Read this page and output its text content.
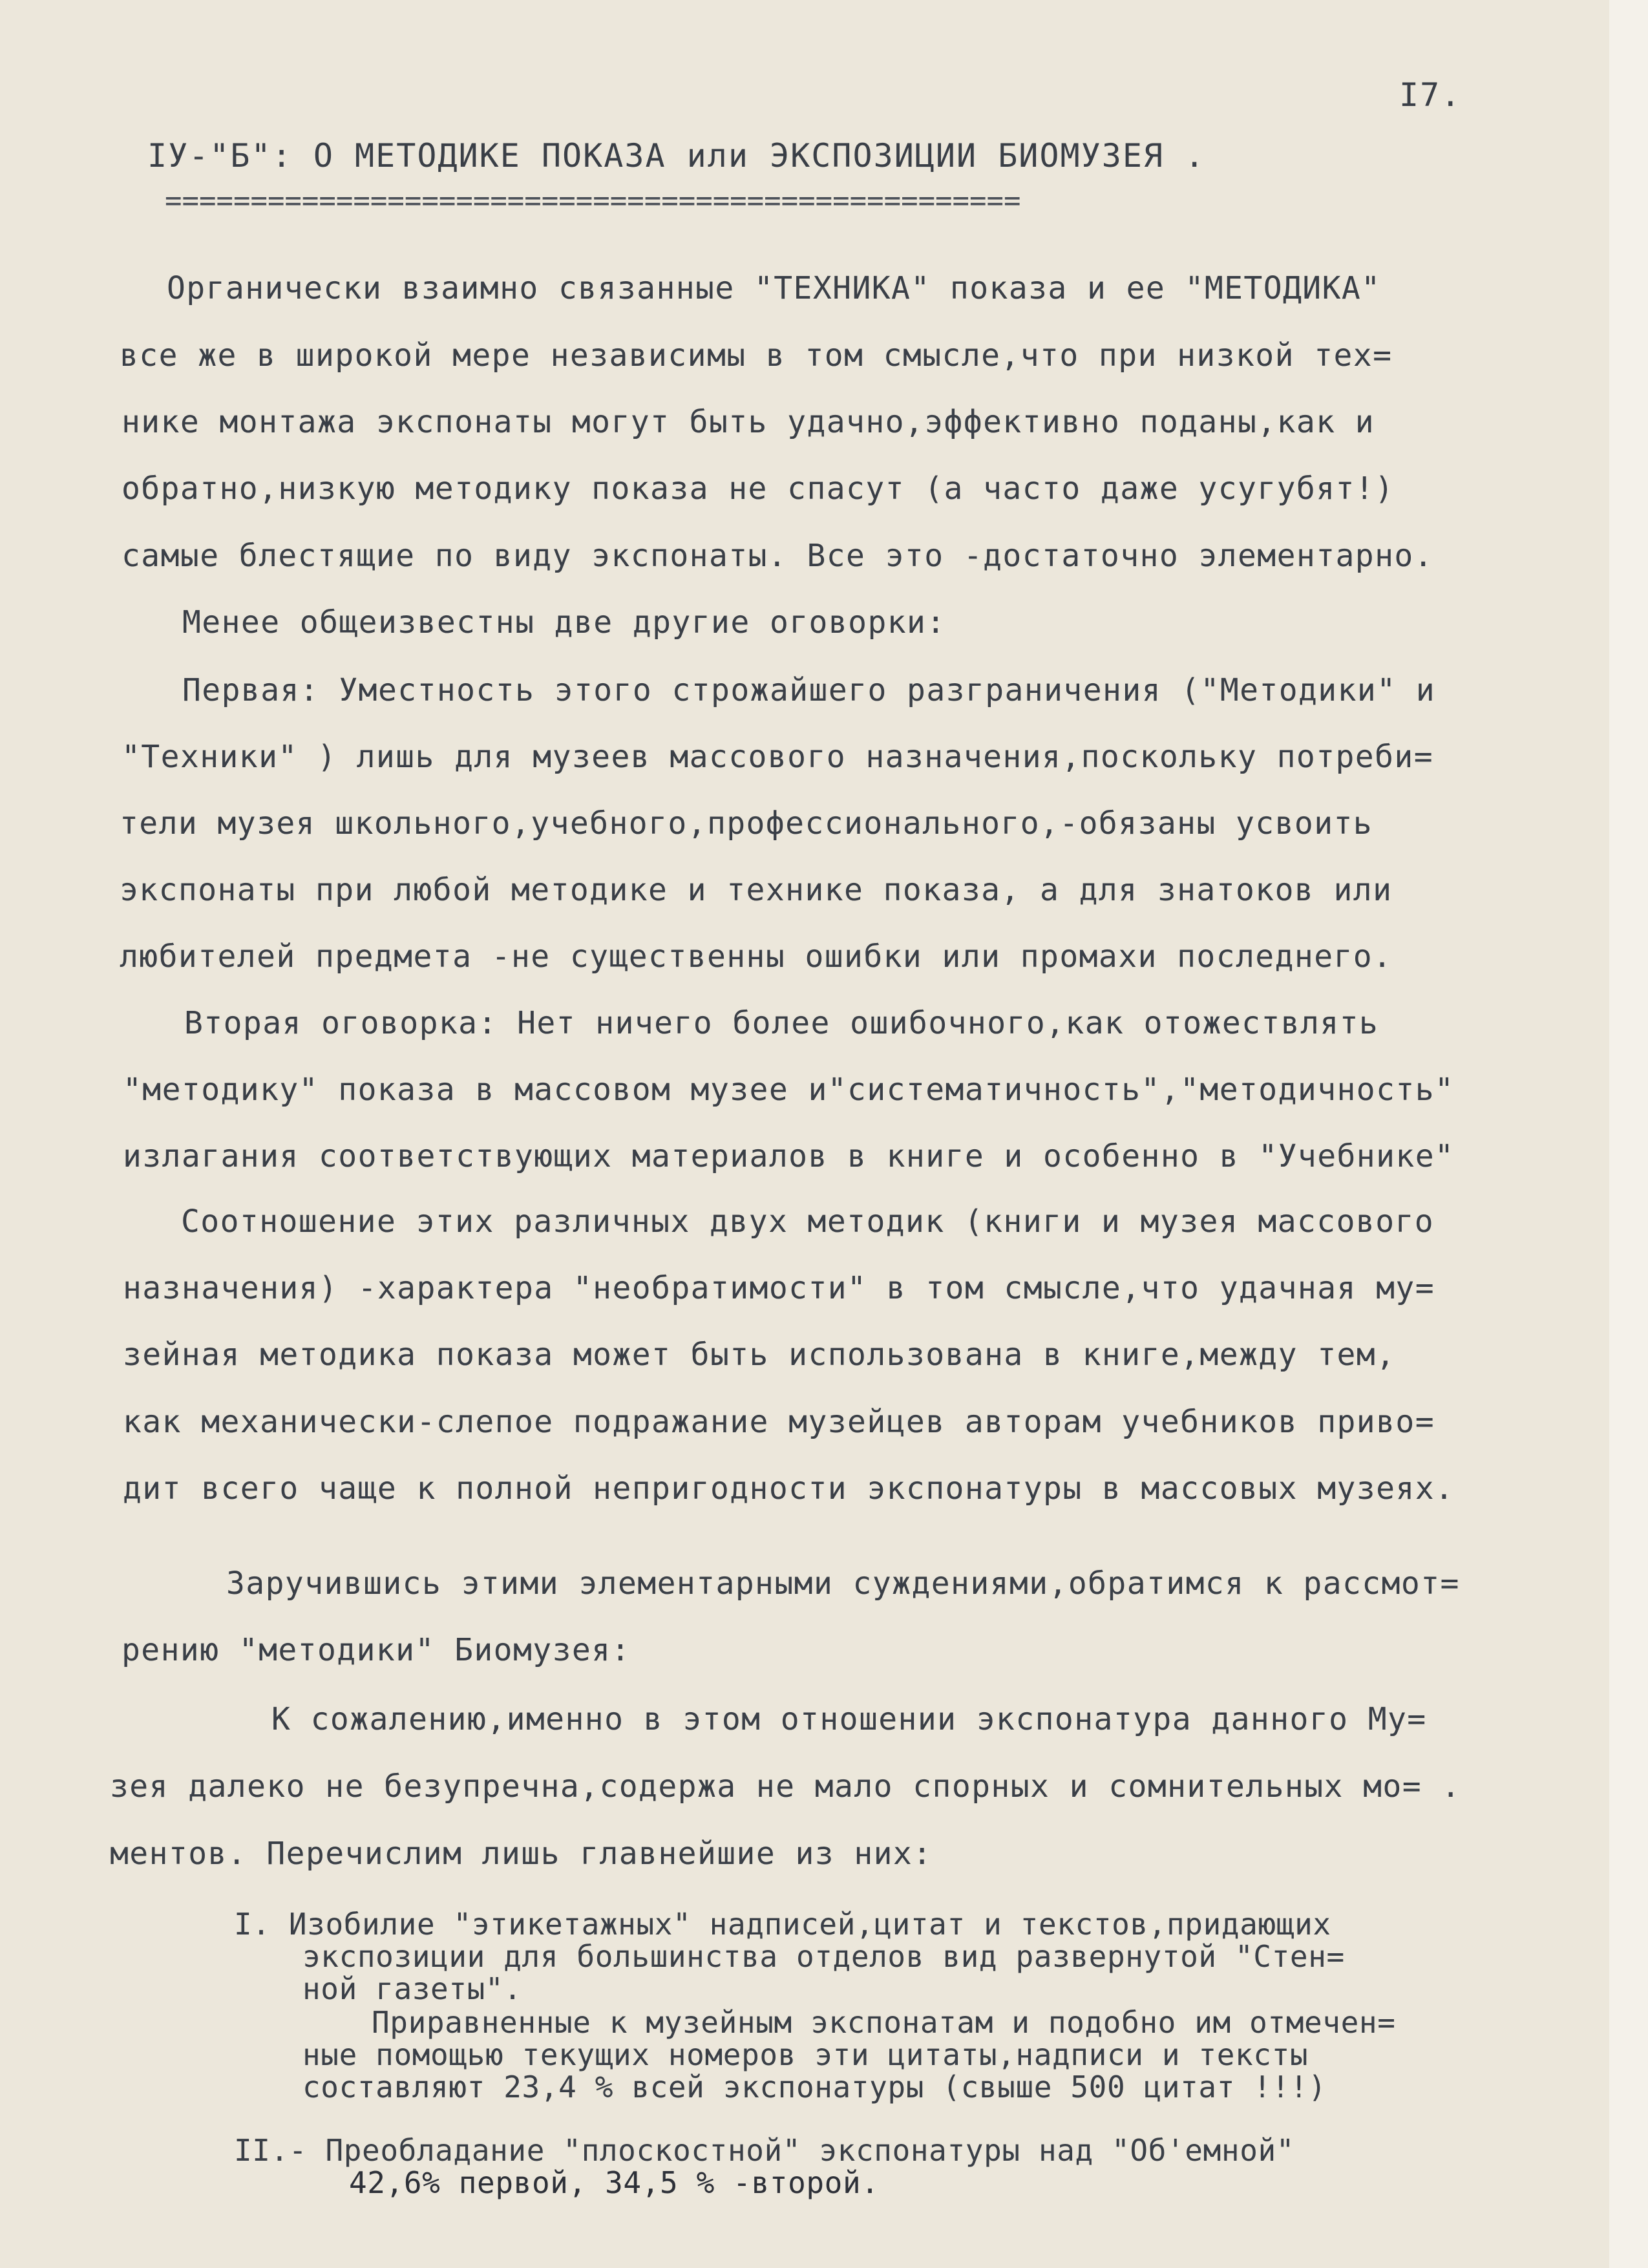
I7.
IУ-"Б": О МЕТОДИКЕ ПОКАЗА или ЭКСПОЗИЦИИ БИОМУЗЕЯ .
==================================================
Органически взаимно связанные "ТЕХНИКА" показа и ее "МЕТОДИКА"
все же в широкой мере независимы в том смысле,что при низкой тех=
нике монтажа экспонаты могут быть удачно,эффективно поданы,как и
обратно,низкую методику показа не спасут (а часто даже усугубят!)
самые блестящие по виду экспонаты. Все это -достаточно элементарно.
Менее общеизвестны две другие оговорки:
Первая: Уместность этого строжайшего разграничения ("Методики" и
"Техники" ) лишь для музеев массового назначения,поскольку потреби=
тели музея школьного,учебного,профессионального,-обязаны усвоить
экспонаты при любой методике и технике показа, а для знатоков или
любителей предмета -не существенны ошибки или промахи последнего.
Вторая оговорка: Нет ничего более ошибочного,как отожествлять
"методику" показа в массовом музее и"систематичность","методичность"
излагания соответствующих материалов в книге и особенно в "Учебнике"
Соотношение этих различных двух методик (книги и музея массового
назначения) -характера "необратимости" в том смысле,что удачная му=
зейная методика показа может быть использована в книге,между тем,
как механически-слепое подражание музейцев авторам учебников приво=
дит всего чаще к полной непригодности экспонатуры в массовых музеях.
Заручившись этими элементарными суждениями,обратимся к рассмот=
рению "методики" Биомузея:
К сожалению,именно в этом отношении экспонатура данного Му=
зея далеко не безупречна,содержа не мало спорных и сомнительных мо= .
ментов. Перечислим лишь главнейшие из них:
I. Изобилие "этикетажных" надписей,цитат и текстов,придающих
экспозиции для большинства отделов вид развернутой "Стен=
ной газеты".
Приравненные к музейным экспонатам и подобно им отмечен=
ные помощью текущих номеров эти цитаты,надписи и тексты
составляют 23,4 % всей экспонатуры (свыше 500 цитат !!!)
II.- Преобладание "плоскостной" экспонатуры над "Об'емной"
42,6% первой, 34,5 % -второй.
